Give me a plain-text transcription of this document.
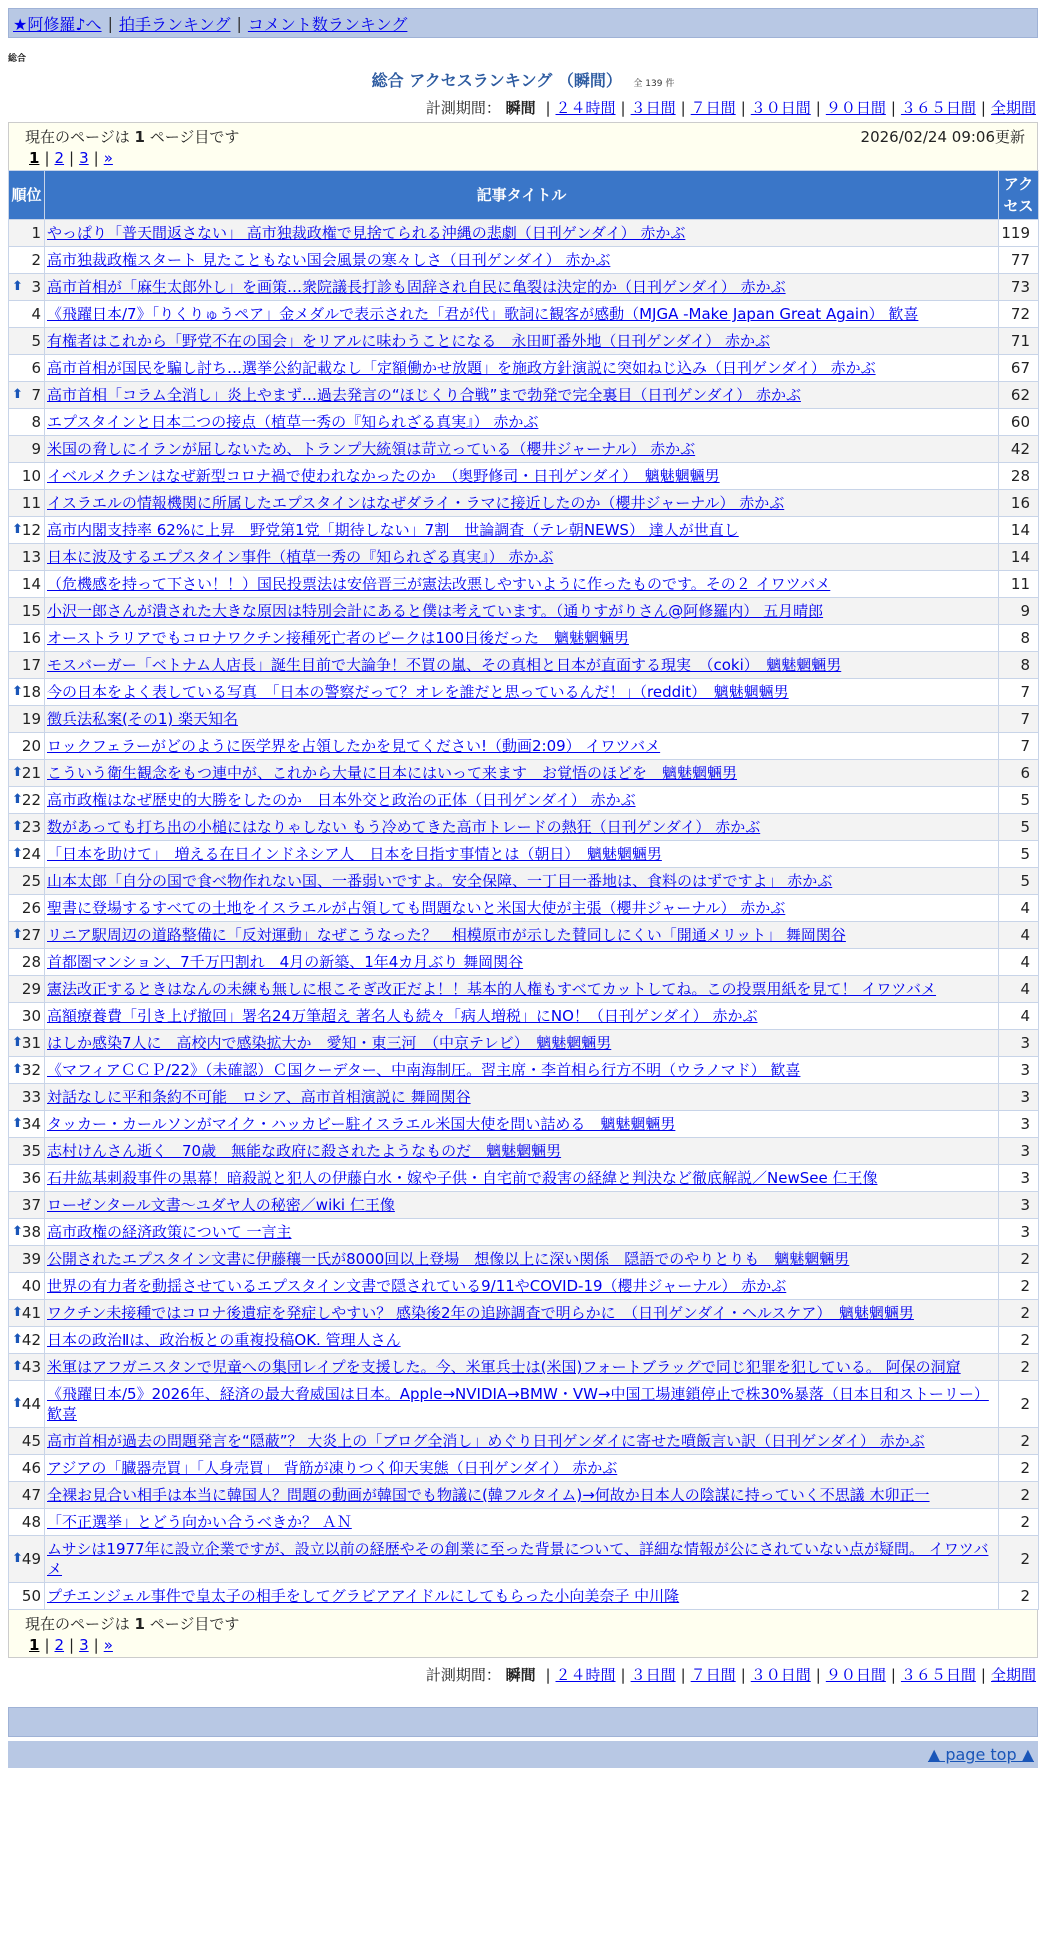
★阿修羅♪へ | 拍手ランキング | コメント数ランキング
総合
総合 アクセスランキング （瞬間） 全 139 件
計測期間： 瞬間 | ２４時間 | ３日間 | ７日間 | ３０日間 | ９０日間 | ３６５日間 | 全期間
現在のページは 1 ページ目です	2026/02/24 09:06更新
1 | 2 | 3 | »
順位	記事タイトル	アクセス
1	やっぱり「普天間返さない」 高市独裁政権で見捨てられる沖縄の悲劇（日刊ゲンダイ） 赤かぶ	119
2	高市独裁政権スタート 見たこともない国会風景の寒々しさ（日刊ゲンダイ） 赤かぶ	77

⬆ 3	高市首相が「麻生太郎外し」を画策…衆院議長打診も固辞され自民に亀裂は決定的か（日刊ゲンダイ） 赤かぶ	73
4	《飛躍日本/7》「りくりゅうペア」金メダルで表示された「君が代」歌詞に観客が感動（MJGA -Make Japan Great Again） 歓喜	72
5	有権者はこれから「野党不在の国会」をリアルに味わうことになる　永田町番外地（日刊ゲンダイ） 赤かぶ	71
6	高市首相が国民を騙し討ち…選挙公約記載なし「定額働かせ放題」を施政方針演説に突如ねじ込み（日刊ゲンダイ） 赤かぶ	67

⬆ 7	高市首相「コラム全消し」炎上やまず…過去発言の“ほじくり合戦”まで勃発で完全裏目（日刊ゲンダイ） 赤かぶ	62
8	エプスタインと日本二つの接点（植草一秀の『知られざる真実』） 赤かぶ	60
9	米国の脅しにイランが屈しないため、トランプ大統領は苛立っている（櫻井ジャーナル） 赤かぶ	42
10	イベルメクチンはなぜ新型コロナ禍で使われなかったのか　（奥野修司・日刊ゲンダイ）　魑魅魍魎男	28
11	イスラエルの情報機関に所属したエプスタインはなぜダライ・ラマに接近したのか（櫻井ジャーナル） 赤かぶ	16

⬆ 12	高市内閣支持率 62%に上昇　野党第1党「期待しない」7割　世論調査（テレ朝NEWS） 達人が世直し	14
13	日本に波及するエプスタイン事件（植草一秀の『知られざる真実』） 赤かぶ	14
14	（危機感を持って下さい！！）国民投票法は安倍晋三が憲法改悪しやすいように作ったものです。その２ イワツバメ	11
15	小沢一郎さんが潰された大きな原因は特別会計にあると僕は考えています。（通りすがりさん@阿修羅内） 五月晴郎	9
16	オーストラリアでもコロナワクチン接種死亡者のピークは100日後だった　魑魅魍魎男	8
17	モスバーガー「ベトナム人店長」誕生目前で大論争！不買の嵐、その真相と日本が直面する現実　（coki）　魑魅魍魎男	8

⬆ 18	今の日本をよく表している写真　「日本の警察だって？オレを誰だと思っているんだ！」（reddit）　魑魅魍魎男	7
19	徴兵法私案(その1) 楽天知名	7
20	ロックフェラーがどのように医学界を占領したかを見てください!（動画2:09） イワツバメ	7

⬆ 21	こういう衛生観念をもつ連中が、これから大量に日本にはいって来ます　お覚悟のほどを　魑魅魍魎男	6

⬆ 22	高市政権はなぜ歴史的大勝をしたのか　日本外交と政治の正体（日刊ゲンダイ） 赤かぶ	5

⬆ 23	数があっても打ち出の小槌にはなりゃしない もう冷めてきた高市トレードの熱狂（日刊ゲンダイ） 赤かぶ	5

⬆ 24	「日本を助けて」　増える在日インドネシア人　日本を目指す事情とは（朝日）　魑魅魍魎男	5
25	山本太郎「自分の国で食べ物作れない国、一番弱いですよ。安全保障、一丁目一番地は、食料のはずですよ」 赤かぶ	5
26	聖書に登場するすべての土地をイスラエルが占領しても問題ないと米国大使が主張（櫻井ジャーナル） 赤かぶ	4

⬆ 27	リニア駅周辺の道路整備に「反対運動」なぜこうなった？　相模原市が示した賛同しにくい「開通メリット」 舞岡関谷	4
28	首都圏マンション、7千万円割れ　4月の新築、1年4カ月ぶり 舞岡関谷	4
29	憲法改正するときはなんの未練も無しに根こそぎ改正だよ！！基本的人権もすべてカットしてね。この投票用紙を見て！ イワツバメ	4
30	高額療養費「引き上げ撤回」署名24万筆超え 著名人も続々「病人増税」にNO！（日刊ゲンダイ） 赤かぶ	4

⬆ 31	はしか感染7人に　高校内で感染拡大か　愛知・東三河　（中京テレビ）　魑魅魍魎男	3

⬆ 32	《マフィアＣＣＰ/22》（未確認）Ｃ国クーデター、中南海制圧。習主席・李首相ら行方不明（ウラノマド） 歓喜	3
33	対話なしに平和条約不可能　ロシア、高市首相演説に 舞岡関谷	3

⬆ 34	タッカー・カールソンがマイク・ハッカビー駐イスラエル米国大使を問い詰める　魑魅魍魎男	3
35	志村けんさん逝く　70歳　無能な政府に殺されたようなものだ　魑魅魍魎男	3
36	石井紘基刺殺事件の黒幕！暗殺説と犯人の伊藤白水・嫁や子供・自宅前で殺害の経緯と判決など徹底解説／NewSee 仁王像	3
37	ローゼンタール文書～ユダヤ人の秘密／wiki 仁王像	3

⬆ 38	高市政権の経済政策について 一言主	3
39	公開されたエプスタイン文書に伊藤穰一氏が8000回以上登場　想像以上に深い関係　隠語でのやりとりも　魑魅魍魎男	2
40	世界の有力者を動揺させているエプスタイン文書で隠されている9/11やCOVID-19（櫻井ジャーナル） 赤かぶ	2

⬆ 41	ワクチン未接種ではコロナ後遺症を発症しやすい？ 感染後2年の追跡調査で明らかに　（日刊ゲンダイ・ヘルスケア）　魑魅魍魎男	2

⬆ 42	日本の政治Ⅱは、政治板との重複投稿OK. 管理人さん	2

⬆ 43	米軍はアフガニスタンで児童への集団レイプを支援した。今、米軍兵士は(米国)フォートブラッグで同じ犯罪を犯している。 阿保の洞窟	2

⬆ 44	《飛躍日本/5》2026年、経済の最大脅威国は日本。Apple→NVIDIA→BMW・VW→中国工場連鎖停止で株30%暴落（日本日和ストーリー） 歓喜	2
45	高市首相が過去の問題発言を“隠蔽”？ 大炎上の「ブログ全消し」めぐり日刊ゲンダイに寄せた噴飯言い訳（日刊ゲンダイ） 赤かぶ	2
46	アジアの「臓器売買」「人身売買」 背筋が凍りつく仰天実態（日刊ゲンダイ） 赤かぶ	2
47	全裸お見合い相手は本当に韓国人？問題の動画が韓国でも物議に(韓フルタイム)→何故か日本人の陰謀に持っていく不思議 木卯正一	2
48	「不正選挙」とどう向かい合うべきか？ ＡＮ	2

⬆ 49	ムサシは1977年に設立企業ですが、設立以前の経歴やその創業に至った背景について、詳細な情報が公にされていない点が疑問。 イワツバメ	2
50	プチエンジェル事件で皇太子の相手をしてグラビアアイドルにしてもらった小向美奈子 中川隆	2
現在のページは 1 ページ目です
1 | 2 | 3 | »
計測期間： 瞬間 | ２４時間 | ３日間 | ７日間 | ３０日間 | ９０日間 | ３６５日間 | 全期間
▲ page top ▲
